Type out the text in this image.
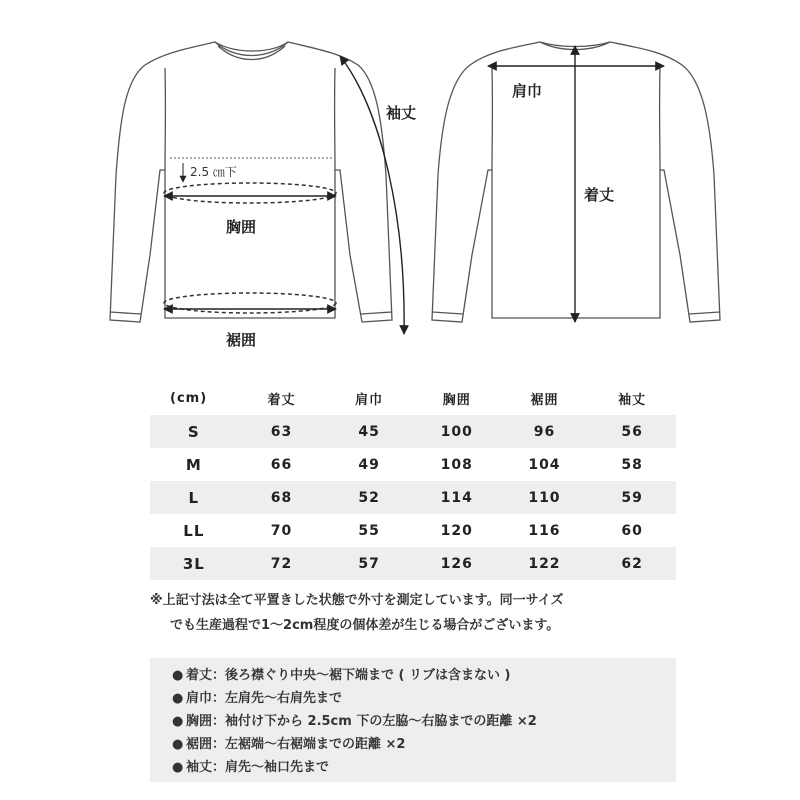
2.5 ㎝下
胸囲
裾囲
袖丈
肩巾
着丈
(cm)	着丈	肩巾	胸囲	裾囲	袖丈
S	63	45	100	96	56
M	66	49	108	104	58
L	68	52	114	110	59
LL	70	55	120	116	60
3L	72	57	126	122	62
※上記寸法は全て平置きした状態で外寸を測定しています。同一サイズ
でも生産過程で1〜2cm程度の個体差が生じる場合がございます。
● 着丈：後ろ襟ぐり中央〜裾下端まで ( リブは含まない )
● 肩巾：左肩先〜右肩先まで
● 胸囲：袖付け下から 2.5cm 下の左脇〜右脇までの距離 ×2
● 裾囲：左裾端〜右裾端までの距離 ×2
● 袖丈：肩先〜袖口先まで
